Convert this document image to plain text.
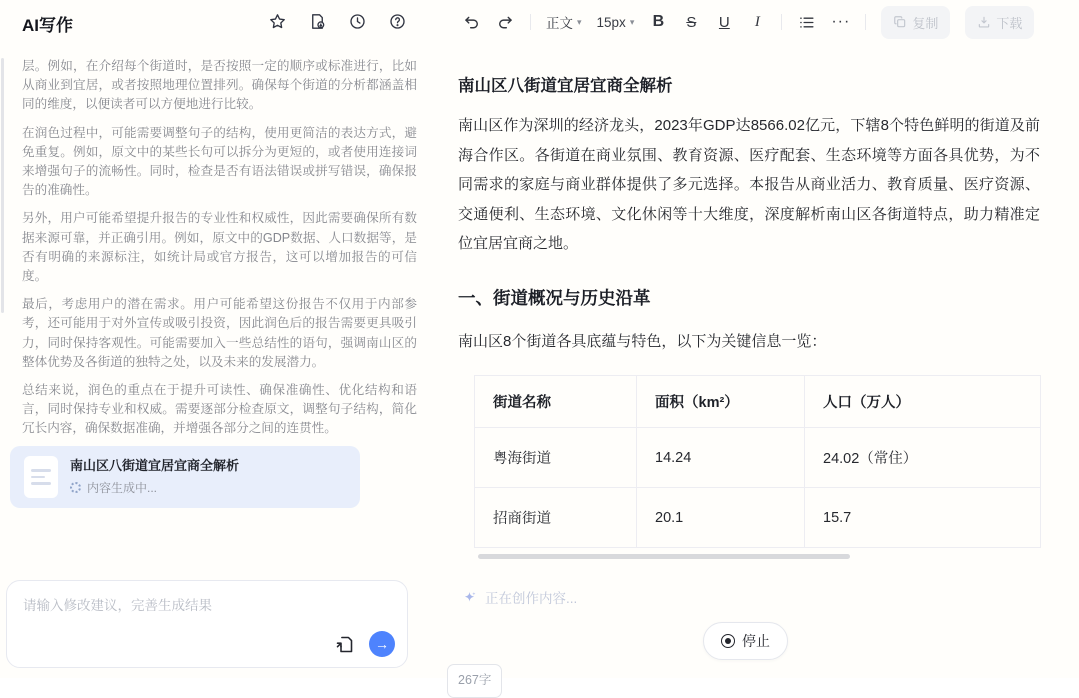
AI写作

层。例如，在介绍每个街道时，是否按照一定的顺序或标准进行，比如从商业到宜居，或者按照地理位置排列。确保每个街道的分析都涵盖相同的维度，以便读者可以方便地进行比较。

在润色过程中，可能需要调整句子的结构，使用更简洁的表达方式，避免重复。例如，原文中的某些长句可以拆分为更短的，或者使用连接词来增强句子的流畅性。同时，检查是否有语法错误或拼写错误，确保报告的准确性。

另外，用户可能希望提升报告的专业性和权威性，因此需要确保所有数据来源可靠，并正确引用。例如，原文中的GDP数据、人口数据等，是否有明确的来源标注，如统计局或官方报告，这可以增加报告的可信度。

最后，考虑用户的潜在需求。用户可能希望这份报告不仅用于内部参考，还可能用于对外宣传或吸引投资，因此润色后的报告需要更具吸引力，同时保持客观性。可能需要加入一些总结性的语句，强调南山区的整体优势及各街道的独特之处，以及未来的发展潜力。

总结来说，润色的重点在于提升可读性、确保准确性、优化结构和语言，同时保持专业和权威。需要逐部分检查原文，调整句子结构，简化冗长内容，确保数据准确，并增强各部分之间的连贯性。

南山区八街道宜居宜商全解析
内容生成中...
请输入修改建议，完善生成结果
→
正文 ▾ 15px ▾ B S U	I	···	复制	下载
南山区八街道宜居宜商全解析

南山区作为深圳的经济龙头，2023年GDP达8566.02亿元，下辖8个特色鲜明的街道及前海合作区。各街道在商业氛围、教育资源、医疗配套、生态环境等方面各具优势，为不同需求的家庭与商业群体提供了多元选择。本报告从商业活力、教育质量、医疗资源、交通便利、生态环境、文化休闲等十大维度，深度解析南山区各街道特点，助力精准定位宜居宜商之地。

一、街道概况与历史沿革

南山区8个街道各具底蕴与特色，以下为关键信息一览：

街道名称	面积（km²）	人口（万人）
粤海街道	14.24	24.02（常住）
招商街道	20.1	15.7
正在创作内容...
停止
267字
